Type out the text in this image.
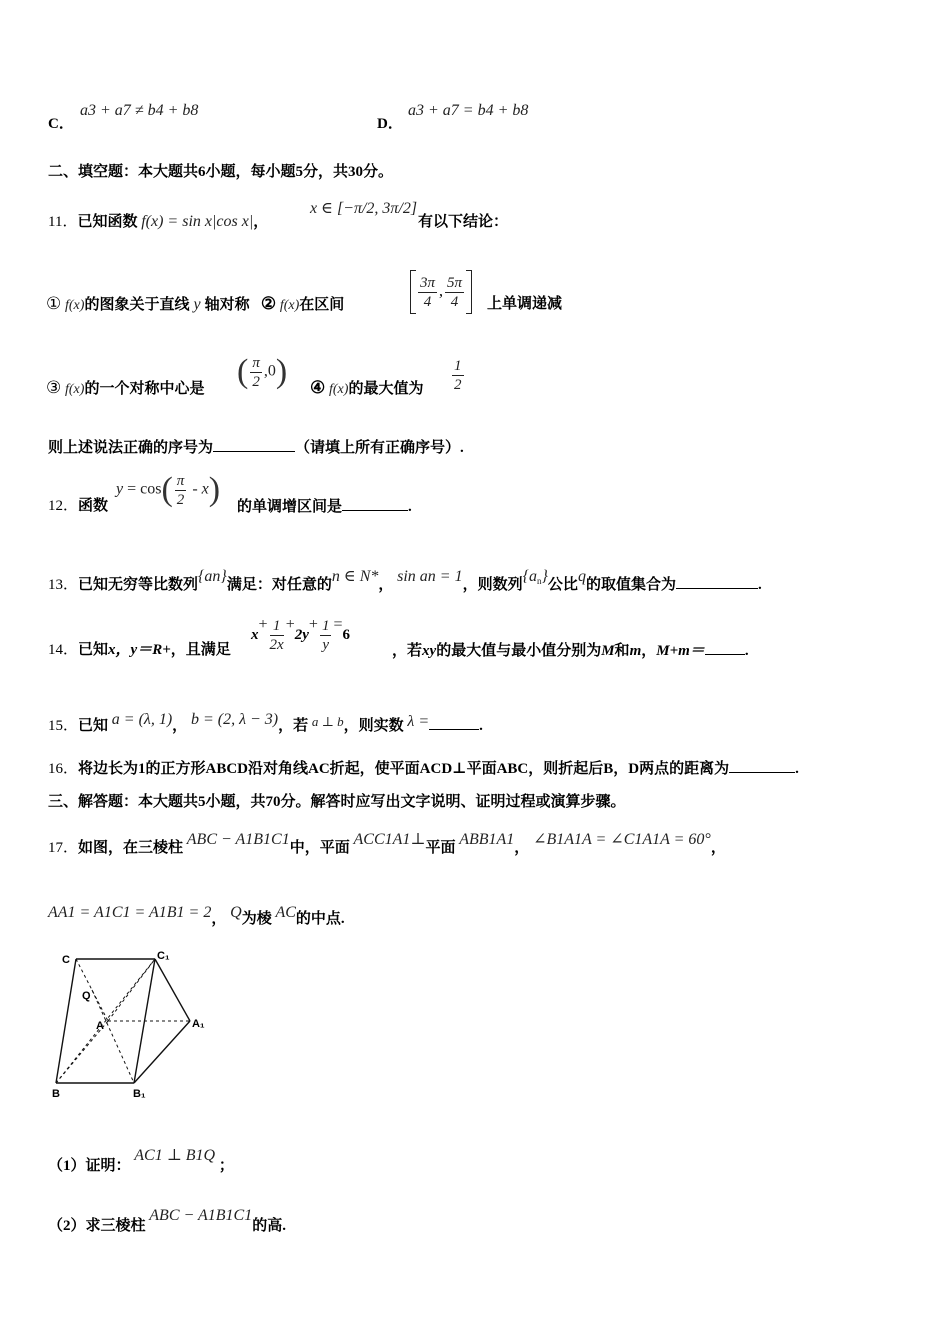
C．
a3 + a7 ≠ b4 + b8
D．
a3 + a7 = b4 + b8
二、填空题：本大题共6小题，每小题5分，共30分。
11．已知函数 f(x) = sin x|cos x|，
x ∈ [−π/2, 3π/2]
有以下结论：
① f(x)的图象关于直线 y 轴对称 ② f(x)在区间	$\frac{3\pi}{4}$ , $\frac{5\pi}{4}$ 上单调递减
③ f(x)的一个对称中心是 ( $\frac{\pi}{2} ,0$) ④ f(x)的最大值为 $\frac{1}{2}$
则上述说法正确的序号为	（请填上所有正确序号）.
12．函数
$y = \cos( \frac{\pi}{2} - x)$ 的单调增区间是	.
13．已知无穷等比数列{an}满足：对任意的n ∈ N*， sin an = 1，则数列$\{a_n\}$公比q的取值集合为	.
14．已知x，y＝R+，且满足
$x+ \frac{1}{2x} +2y+ \frac{1}{y} =6$
，若xy的最大值与最小值分别为M和m，M+m＝	.
15．已知 a = (λ, 1)， b = (2, λ − 3)，若 a ⊥ b，则实数 λ =	.
16．将边长为1的正方形ABCD沿对角线AC折起，使平面ACD⊥平面ABC，则折起后B，D两点的距离为	.
三、解答题：本大题共5小题，共70分。解答时应写出文字说明、证明过程或演算步骤。
17．如图，在三棱柱 ABC − A1B1C1中，平面 ACC1A1⊥平面 ABB1A1， ∠B1A1A = ∠C1A1A = 60°，
AA1 = A1C1 = A1B1 = 2， Q为棱 AC的中点.
C	C₁
Q
A	A₁
B	B₁
（1）证明： AC1 ⊥ B1Q ；
（2）求三棱柱 ABC − A1B1C1的高.
